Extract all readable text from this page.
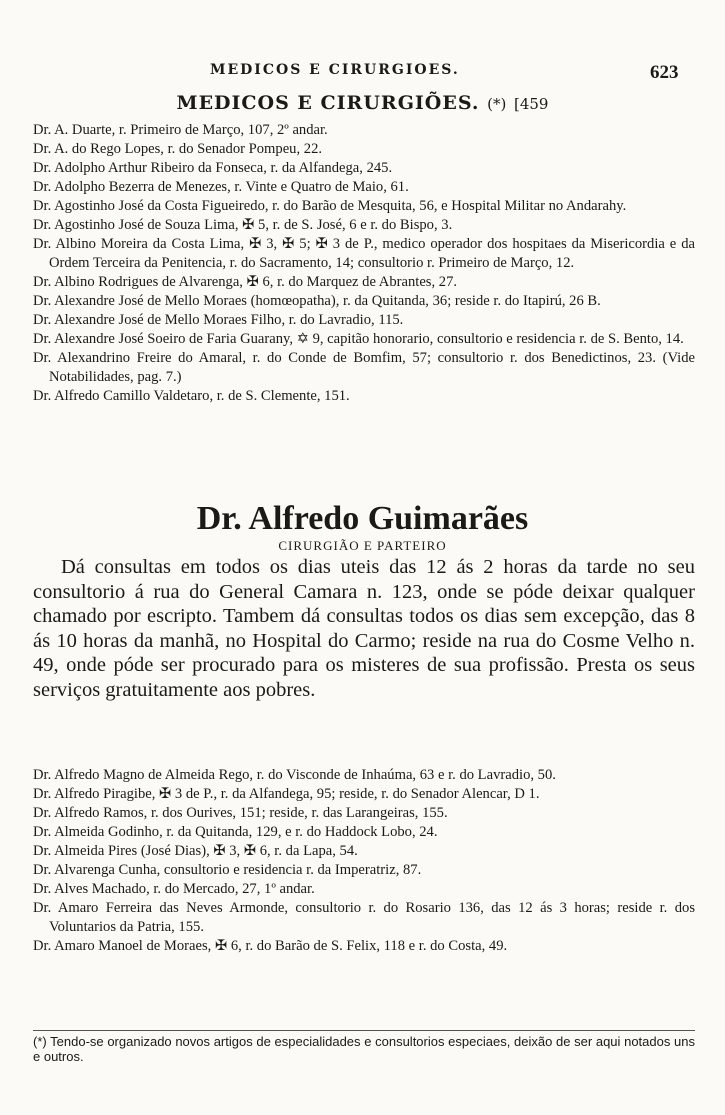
MEDICOS E CIRURGIOES.	623
MEDICOS E CIRURGIÕES. (*) [459
Dr. A. Duarte, r. Primeiro de Março, 107, 2º andar.
Dr. A. do Rego Lopes, r. do Senador Pompeu, 22.
Dr. Adolpho Arthur Ribeiro da Fonseca, r. da Alfandega, 245.
Dr. Adolpho Bezerra de Menezes, r. Vinte e Quatro de Maio, 61.
Dr. Agostinho José da Costa Figueiredo, r. do Barão de Mesquita, 56, e Hospital Militar no Andarahy.
Dr. Agostinho José de Souza Lima, ✠ 5, r. de S. José, 6 e r. do Bispo, 3.
Dr. Albino Moreira da Costa Lima, ✠ 3, ✠ 5; ✠ 3 de P., medico operador dos hospitaes da Misericordia e da Ordem Terceira da Penitencia, r. do Sacramento, 14; consultorio r. Primeiro de Março, 12.
Dr. Albino Rodrigues de Alvarenga, ✠ 6, r. do Marquez de Abrantes, 27.
Dr. Alexandre José de Mello Moraes (homœopatha), r. da Quitanda, 36; reside r. do Itapirú, 26 B.
Dr. Alexandre José de Mello Moraes Filho, r. do Lavradio, 115.
Dr. Alexandre José Soeiro de Faria Guarany, ✡ 9, capitão honorario, consultorio e residencia r. de S. Bento, 14.
Dr. Alexandrino Freire do Amaral, r. do Conde de Bomfim, 57; consultorio r. dos Benedictinos, 23. (Vide Notabilidades, pag. 7.)
Dr. Alfredo Camillo Valdetaro, r. de S. Clemente, 151.
Dr. Alfredo Guimarães
CIRURGIÃO E PARTEIRO
Dá consultas em todos os dias uteis das 12 ás 2 horas da tarde no seu consultorio á rua do General Camara n. 123, onde se póde deixar qualquer chamado por escripto. Tambem dá consultas todos os dias sem excepção, das 8 ás 10 horas da manhã, no Hospital do Carmo; reside na rua do Cosme Velho n. 49, onde póde ser procurado para os misteres de sua profissão. Presta os seus serviços gratuitamente aos pobres.
Dr. Alfredo Magno de Almeida Rego, r. do Visconde de Inhaúma, 63 e r. do Lavradio, 50.
Dr. Alfredo Piragibe, ✠ 3 de P., r. da Alfandega, 95; reside, r. do Senador Alencar, D 1.
Dr. Alfredo Ramos, r. dos Ourives, 151; reside, r. das Larangeiras, 155.
Dr. Almeida Godinho, r. da Quitanda, 129, e r. do Haddock Lobo, 24.
Dr. Almeida Pires (José Dias), ✠ 3, ✠ 6, r. da Lapa, 54.
Dr. Alvarenga Cunha, consultorio e residencia r. da Imperatriz, 87.
Dr. Alves Machado, r. do Mercado, 27, 1º andar.
Dr. Amaro Ferreira das Neves Armonde, consultorio r. do Rosario 136, das 12 ás 3 horas; reside r. dos Voluntarios da Patria, 155.
Dr. Amaro Manoel de Moraes, ✠ 6, r. do Barão de S. Felix, 118 e r. do Costa, 49.
(*) Tendo-se organizado novos artigos de especialidades e consultorios especiaes, deixão de ser aqui notados uns e outros.
